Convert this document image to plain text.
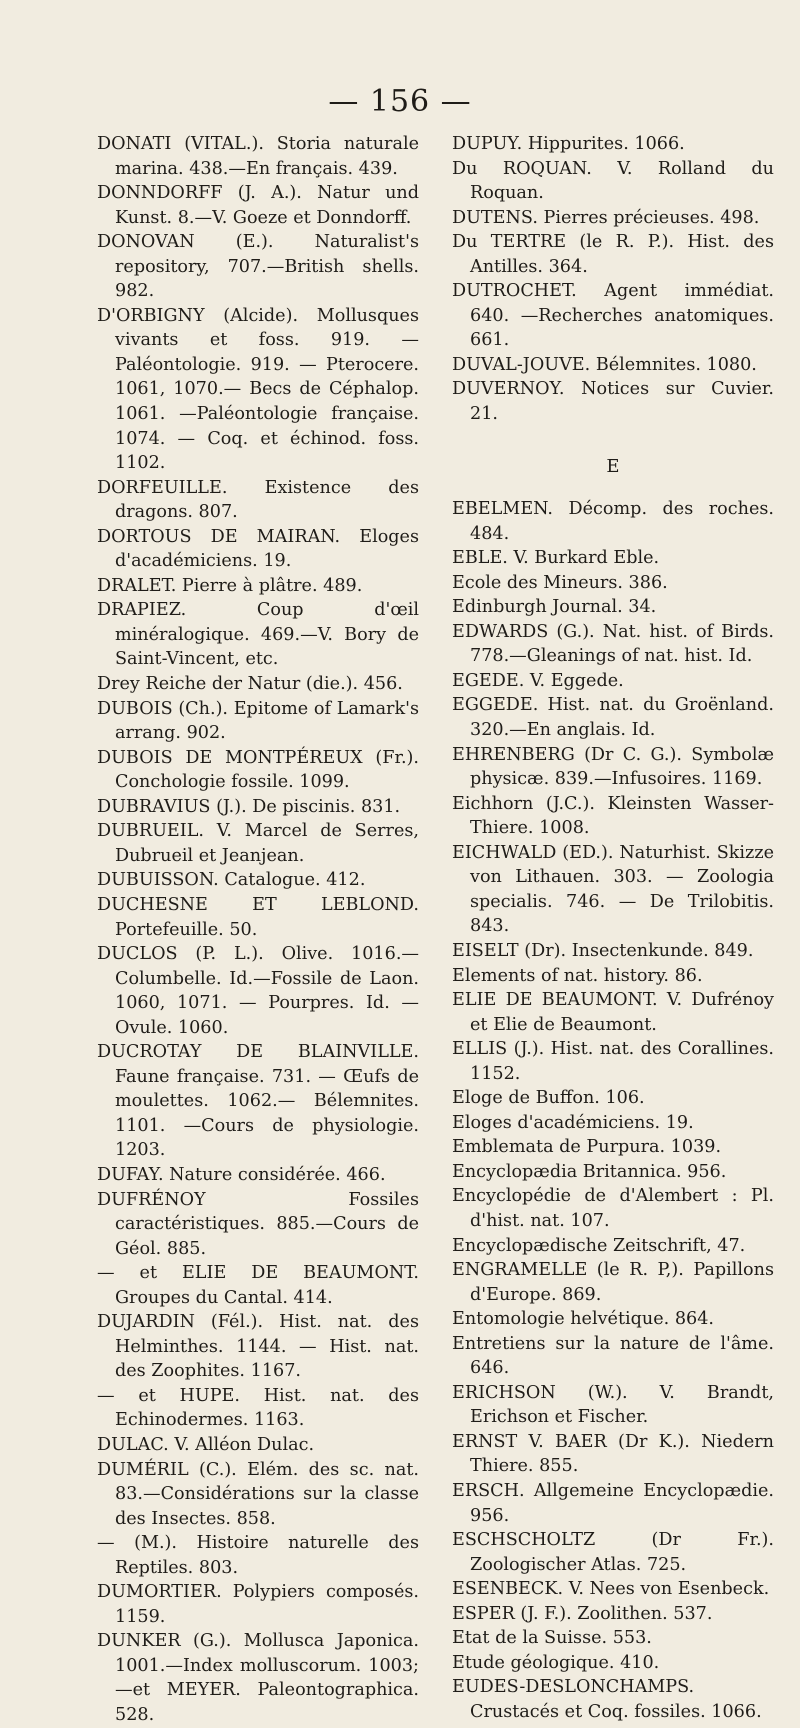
— 156 —

DONATI (VITAL.). Storia naturale marina. 438.—En français. 439.

DONNDORFF (J. A.). Natur und Kunst. 8.—V. Goeze et Donndorff.

DONOVAN (E.). Naturalist's repository, 707.—British shells. 982.

D'ORBIGNY (Alcide). Mollusques vivants et foss. 919. — Paléontologie. 919. — Pterocere. 1061, 1070.— Becs de Céphalop. 1061. —Paléontologie française. 1074. — Coq. et échinod. foss. 1102.

DORFEUILLE. Existence des dragons. 807.

DORTOUS DE MAIRAN. Eloges d'académiciens. 19.

DRALET. Pierre à plâtre. 489.

DRAPIEZ. Coup d'œil minéralogique. 469.—V. Bory de Saint-Vincent, etc.

Drey Reiche der Natur (die.). 456.

DUBOIS (Ch.). Epitome of Lamark's arrang. 902.

DUBOIS DE MONTPÉREUX (Fr.). Conchologie fossile. 1099.

DUBRAVIUS (J.). De piscinis. 831.

DUBRUEIL. V. Marcel de Serres, Dubrueil et Jeanjean.

DUBUISSON. Catalogue. 412.

DUCHESNE ET LEBLOND. Portefeuille. 50.

DUCLOS (P. L.). Olive. 1016.—Columbelle. Id.—Fossile de Laon. 1060, 1071. — Pourpres. Id. — Ovule. 1060.

DUCROTAY DE BLAINVILLE. Faune française. 731. — Œufs de moulettes. 1062.— Bélemnites. 1101. —Cours de physiologie. 1203.

DUFAY. Nature considérée. 466.

DUFRÉNOY Fossiles caractéristiques. 885.—Cours de Géol. 885.

— et ELIE DE BEAUMONT. Groupes du Cantal. 414.

DUJARDIN (Fél.). Hist. nat. des Helminthes. 1144. — Hist. nat. des Zoophites. 1167.

— et HUPE. Hist. nat. des Echinodermes. 1163.

DULAC. V. Alléon Dulac.

DUMÉRIL (C.). Elém. des sc. nat. 83.—Considérations sur la classe des Insectes. 858.

— (M.). Histoire naturelle des Reptiles. 803.

DUMORTIER. Polypiers composés. 1159.

DUNKER (G.). Mollusca Japonica. 1001.—Index molluscorum. 1003; —et MEYER. Paleontographica. 528.

DUPUY. Hippurites. 1066.

Du ROQUAN. V. Rolland du Roquan.

DUTENS. Pierres précieuses. 498.

Du TERTRE (le R. P.). Hist. des Antilles. 364.

DUTROCHET. Agent immédiat. 640. —Recherches anatomiques. 661.

DUVAL-JOUVE. Bélemnites. 1080.

DUVERNOY. Notices sur Cuvier. 21.

E

EBELMEN. Décomp. des roches. 484.

EBLE. V. Burkard Eble.

Ecole des Mineurs. 386.

Edinburgh Journal. 34.

EDWARDS (G.). Nat. hist. of Birds. 778.—Gleanings of nat. hist. Id.

EGEDE. V. Eggede.

EGGEDE. Hist. nat. du Groënland. 320.—En anglais. Id.

EHRENBERG (Dr C. G.). Symbolæ physicæ. 839.—Infusoires. 1169.

Eichhorn (J.C.). Kleinsten Wasser-Thiere. 1008.

EICHWALD (ED.). Naturhist. Skizze von Lithauen. 303. — Zoologia specialis. 746. — De Trilobitis. 843.

EISELT (Dr). Insectenkunde. 849.

Elements of nat. history. 86.

ELIE DE BEAUMONT. V. Dufrénoy et Elie de Beaumont.

ELLIS (J.). Hist. nat. des Corallines. 1152.

Eloge de Buffon. 106.

Eloges d'académiciens. 19.

Emblemata de Purpura. 1039.

Encyclopædia Britannica. 956.

Encyclopédie de d'Alembert : Pl. d'hist. nat. 107.

Encyclopædische Zeitschrift, 47.

ENGRAMELLE (le R. P,). Papillons d'Europe. 869.

Entomologie helvétique. 864.

Entretiens sur la nature de l'âme. 646.

ERICHSON (W.). V. Brandt, Erichson et Fischer.

ERNST V. BAER (Dr K.). Niedern Thiere. 855.

ERSCH. Allgemeine Encyclopædie. 956.

ESCHSCHOLTZ (Dr Fr.). Zoologischer Atlas. 725.

ESENBECK. V. Nees von Esenbeck.

ESPER (J. F.). Zoolithen. 537.

Etat de la Suisse. 553.

Etude géologique. 410.

EUDES-DESLONCHAMPS. Crustacés et Coq. fossiles. 1066.
